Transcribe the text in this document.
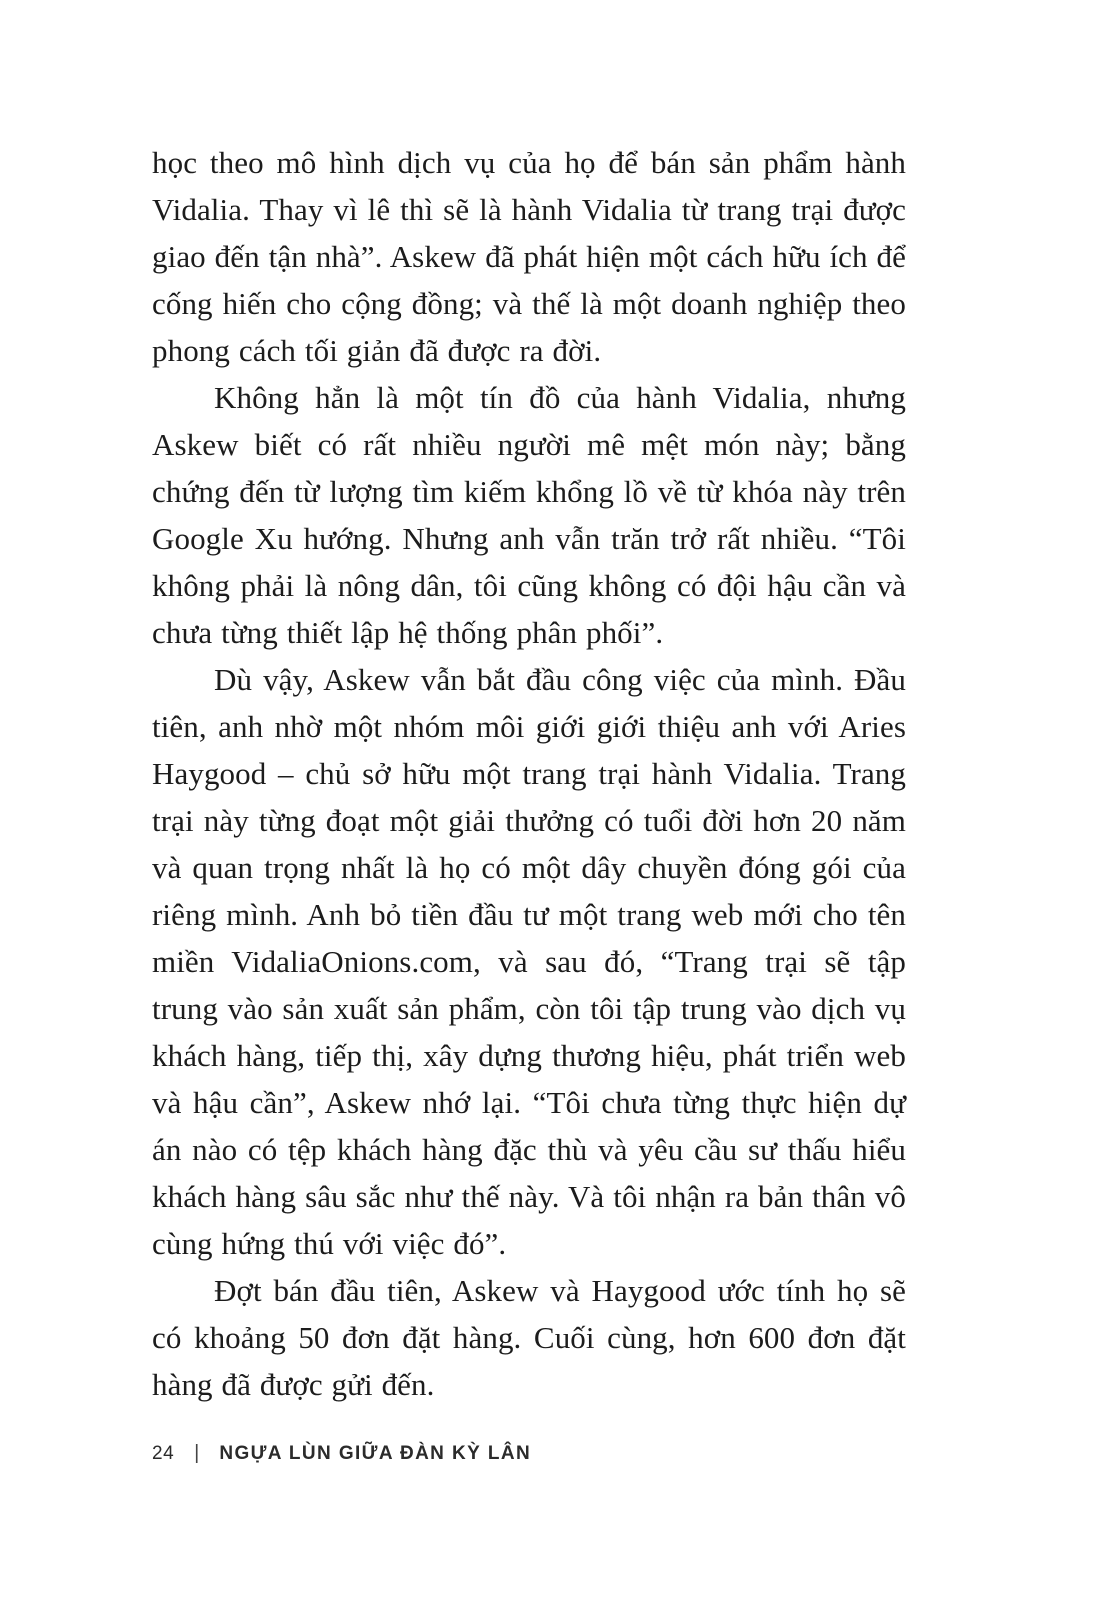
học theo mô hình dịch vụ của họ để bán sản phẩm hành Vidalia. Thay vì lê thì sẽ là hành Vidalia từ trang trại được giao đến tận nhà”. Askew đã phát hiện một cách hữu ích để cống hiến cho cộng đồng; và thế là một doanh nghiệp theo phong cách tối giản đã được ra đời.

Không hẳn là một tín đồ của hành Vidalia, nhưng Askew biết có rất nhiều người mê mệt món này; bằng chứng đến từ lượng tìm kiếm khổng lồ về từ khóa này trên Google Xu hướng. Nhưng anh vẫn trăn trở rất nhiều. “Tôi không phải là nông dân, tôi cũng không có đội hậu cần và chưa từng thiết lập hệ thống phân phối”.

Dù vậy, Askew vẫn bắt đầu công việc của mình. Đầu tiên, anh nhờ một nhóm môi giới giới thiệu anh với Aries Haygood – chủ sở hữu một trang trại hành Vidalia. Trang trại này từng đoạt một giải thưởng có tuổi đời hơn 20 năm và quan trọng nhất là họ có một dây chuyền đóng gói của riêng mình. Anh bỏ tiền đầu tư một trang web mới cho tên miền VidaliaOnions.com, và sau đó, “Trang trại sẽ tập trung vào sản xuất sản phẩm, còn tôi tập trung vào dịch vụ khách hàng, tiếp thị, xây dựng thương hiệu, phát triển web và hậu cần”, Askew nhớ lại. “Tôi chưa từng thực hiện dự án nào có tệp khách hàng đặc thù và yêu cầu sư thấu hiểu khách hàng sâu sắc như thế này. Và tôi nhận ra bản thân vô cùng hứng thú với việc đó”.

Đợt bán đầu tiên, Askew và Haygood ước tính họ sẽ có khoảng 50 đơn đặt hàng. Cuối cùng, hơn 600 đơn đặt hàng đã được gửi đến.

24 | NGỰA LÙN GIỮA ĐÀN KỲ LÂN
